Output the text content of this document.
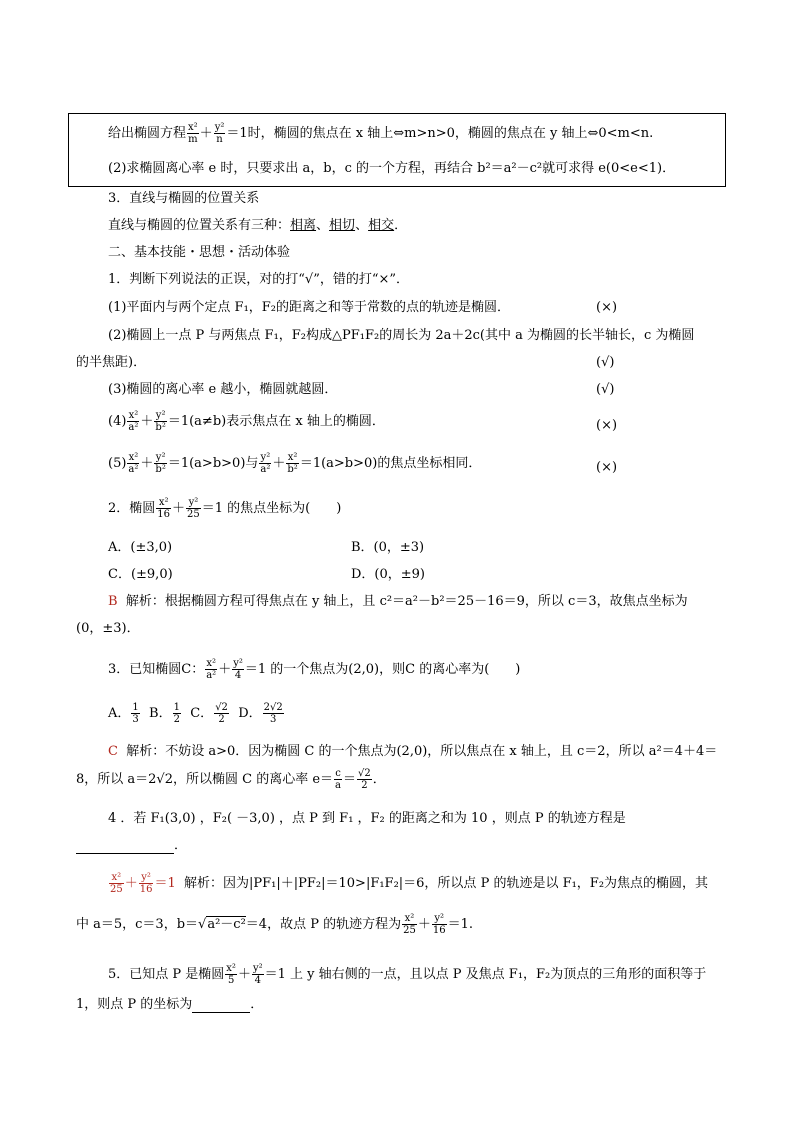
给出椭圆方程 $\frac{\text{x²}}{m} + \frac{\text{y²}}{n} =1$时，椭圆的焦点在 x 轴上⇔m>n>0，椭圆的焦点在 y 轴上⇔0<m<n.
(2)求椭圆离心率 e 时，只要求出 a，b，c 的一个方程，再结合 b²＝a²－c²就可求得 e(0<e<1)．
3．直线与椭圆的位置关系
直线与椭圆的位置关系有三种：相离、相切、相交．
二、基本技能・思想・活动体验
1．判断下列说法的正误，对的打“√”，错的打“×”．
(1)平面内与两个定点 F₁，F₂的距离之和等于常数的点的轨迹是椭圆．	(×)
(2)椭圆上一点 P 与两焦点 F₁，F₂构成△PF₁F₂的周长为 2a＋2c(其中 a 为椭圆的长半轴长，c 为椭圆
的半焦距)．	(√)
(3)椭圆的离心率 e 越小，椭圆就越圆．	(√)
$(4) \frac{\text{x²}}{\text{a²}} + \frac{\text{y²}}{\text{b²}} =1(a\ne b)$表示焦点在 x 轴上的椭圆．	(×)
$(5) \frac{\text{x²}}{\text{a²}} + \frac{\text{y²}}{\text{b²}} =1(a>b>0)$与 $\frac{\text{y²}}{\text{a²}} + \frac{\text{x²}}{\text{b²}} =1(a>b>0)$的焦点坐标相同．	(×)
2．椭圆 $\frac{\text{x²}}{16} + \frac{\text{y²}}{25} =1$ 的焦点坐标为(　　)
A．(±3,0)	B．(0，±3)
C．(±9,0)	D．(0，±9)
B 解析：根据椭圆方程可得焦点在 y 轴上，且 c²＝a²－b²＝25－16＝9，所以 c＝3，故焦点坐标为
(0，±3)．
3．已知椭圆C： $\frac{\text{x²}}{\text{a²}} + \frac{\text{y²}}{4} =1$ 的一个焦点为(2,0)，则C 的离心率为(　　)
A． $\frac{1}{3}$ B． $\frac{1}{2}$ C． $\frac{√2}{2}$ D． $\frac{2√2}{3}$
C 解析：不妨设 a>0．因为椭圆 C 的一个焦点为(2,0)，所以焦点在 x 轴上，且 c＝2，所以 a²＝4＋4＝
8，所以 a＝2√2，所以椭圆 C 的离心率 $e= \frac{c}{a} = \frac{√2}{2}$ ．
4 ．若 F₁(3,0) ，F₂( －3,0) ，点 P 到 F₁ ，F₂ 的距离之和为 10 ，则点 P 的轨迹方程是
．
$\frac{\text{x²}}{25} + \frac{\text{y²}}{16} =1$ 解析：因为|PF₁|＋|PF₂|＝10>|F₁F₂|＝6，所以点 P 的轨迹是以 F₁，F₂为焦点的椭圆，其
中 a＝5，c＝3，b＝√a²－c²＝4，故点 P 的轨迹方程为 $\frac{\text{x²}}{25} + \frac{\text{y²}}{16} =1$.
5．已知点 P 是椭圆 $\frac{\text{x²}}{5} + \frac{\text{y²}}{4} =1$ 上 y 轴右侧的一点，且以点 P 及焦点 F₁，F₂为顶点的三角形的面积等于
1，则点 P 的坐标为	．
